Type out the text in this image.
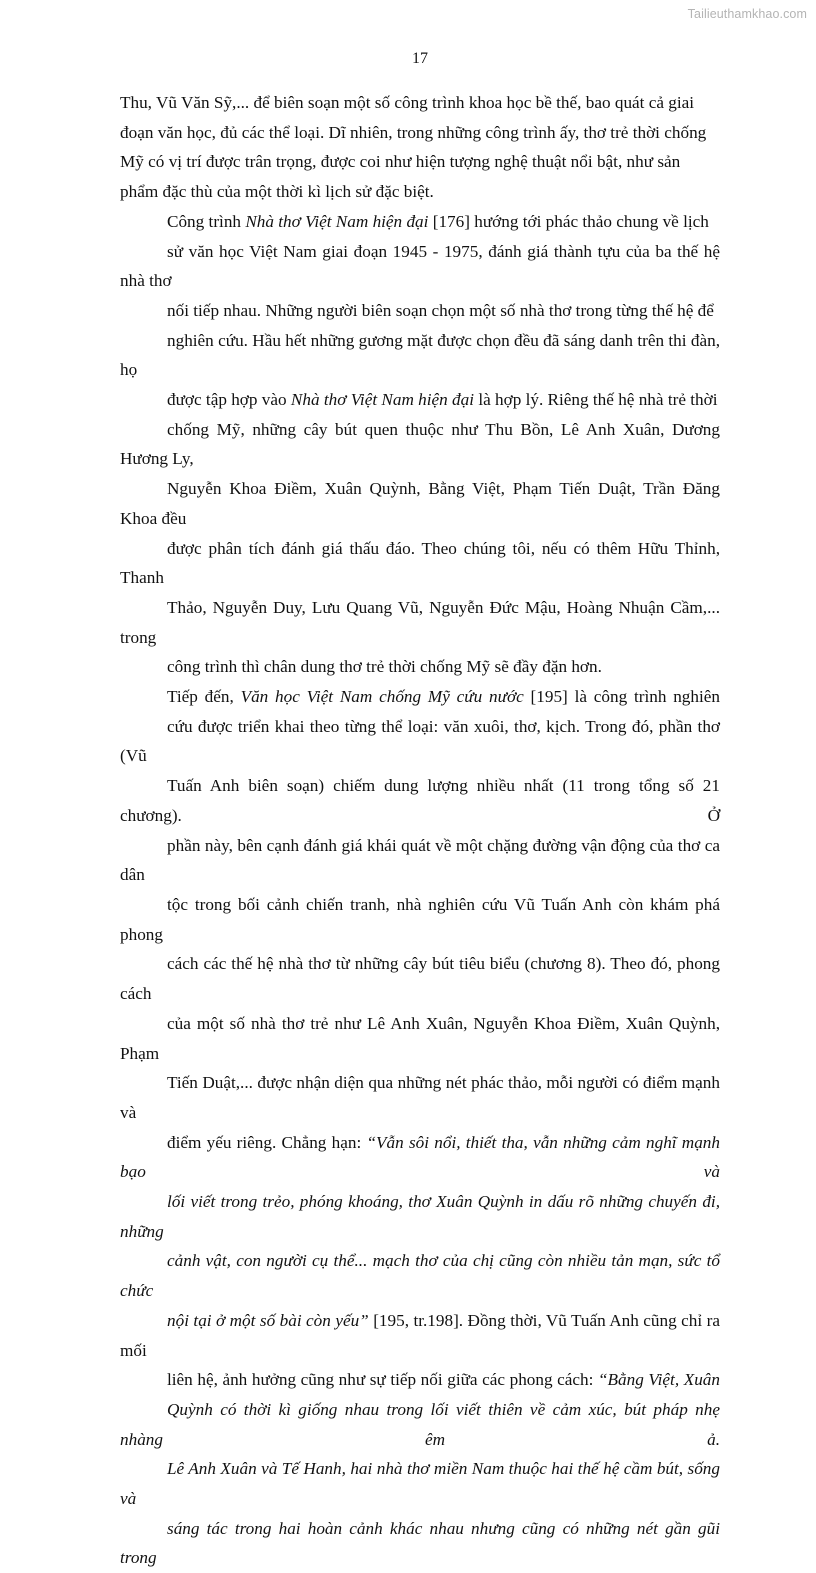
Tailieuthamkhao.com
17

Thu, Vũ Văn Sỹ,... để biên soạn một số công trình khoa học bề thế, bao quát cả giai
đoạn văn học, đủ các thể loại. Dĩ nhiên, trong những công trình ấy, thơ trẻ thời chống
Mỹ có vị trí được trân trọng, được coi như hiện tượng nghệ thuật nổi bật, như sản
phẩm đặc thù của một thời kì lịch sử đặc biệt.

Công trình Nhà thơ Việt Nam hiện đại [176] hướng tới phác thảo chung về lịch
sử văn học Việt Nam giai đoạn 1945 - 1975, đánh giá thành tựu của ba thế hệ nhà thơ
nối tiếp nhau. Những người biên soạn chọn một số nhà thơ trong từng thế hệ để
nghiên cứu. Hầu hết những gương mặt được chọn đều đã sáng danh trên thi đàn, họ
được tập hợp vào Nhà thơ Việt Nam hiện đại là hợp lý. Riêng thế hệ nhà trẻ thời
chống Mỹ, những cây bút quen thuộc như Thu Bồn, Lê Anh Xuân, Dương Hương Ly,
Nguyễn Khoa Điềm, Xuân Quỳnh, Bằng Việt, Phạm Tiến Duật, Trần Đăng Khoa đều
được phân tích đánh giá thấu đáo. Theo chúng tôi, nếu có thêm Hữu Thỉnh, Thanh
Thảo, Nguyễn Duy, Lưu Quang Vũ, Nguyễn Đức Mậu, Hoàng Nhuận Cầm,... trong
công trình thì chân dung thơ trẻ thời chống Mỹ sẽ đầy đặn hơn.

Tiếp đến, Văn học Việt Nam chống Mỹ cứu nước [195] là công trình nghiên
cứu được triển khai theo từng thể loại: văn xuôi, thơ, kịch. Trong đó, phần thơ (Vũ
Tuấn Anh biên soạn) chiếm dung lượng nhiều nhất (11 trong tổng số 21 chương). Ở
phần này, bên cạnh đánh giá khái quát về một chặng đường vận động của thơ ca dân
tộc trong bối cảnh chiến tranh, nhà nghiên cứu Vũ Tuấn Anh còn khám phá phong
cách các thế hệ nhà thơ từ những cây bút tiêu biểu (chương 8). Theo đó, phong cách
của một số nhà thơ trẻ như Lê Anh Xuân, Nguyễn Khoa Điềm, Xuân Quỳnh, Phạm
Tiến Duật,... được nhận diện qua những nét phác thảo, mỗi người có điểm mạnh và
điểm yếu riêng. Chẳng hạn: “Vẫn sôi nổi, thiết tha, vẫn những cảm nghĩ mạnh bạo và
lối viết trong trẻo, phóng khoáng, thơ Xuân Quỳnh in dấu rõ những chuyến đi, những
cảnh vật, con người cụ thể... mạch thơ của chị cũng còn nhiều tản mạn, sức tổ chức
nội tại ở một số bài còn yếu” [195, tr.198]. Đồng thời, Vũ Tuấn Anh cũng chỉ ra mối
liên hệ, ảnh hưởng cũng như sự tiếp nối giữa các phong cách: “Bằng Việt, Xuân
Quỳnh có thời kì giống nhau trong lối viết thiên về cảm xúc, bút pháp nhẹ nhàng êm ả.
Lê Anh Xuân và Tế Hanh, hai nhà thơ miền Nam thuộc hai thế hệ cầm bút, sống và
sáng tác trong hai hoàn cảnh khác nhau nhưng cũng có những nét gần gũi trong
